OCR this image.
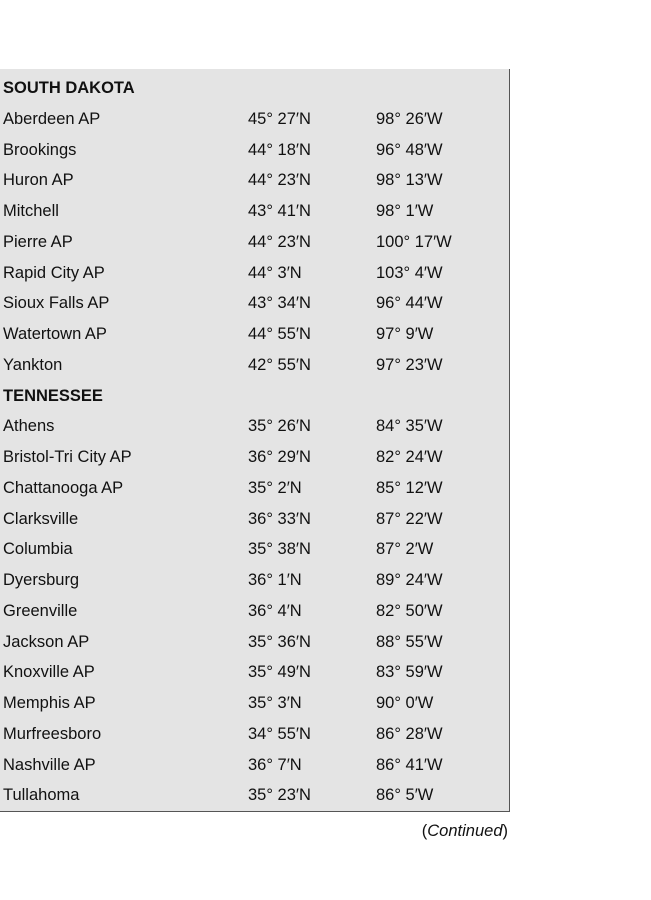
SOUTH DAKOTA
Aberdeen AP	45° 27′N	98° 26′W
Brookings	44° 18′N	96° 48′W
Huron AP	44° 23′N	98° 13′W
Mitchell	43° 41′N	98° 1′W
Pierre AP	44° 23′N	100° 17′W
Rapid City AP	44° 3′N	103° 4′W
Sioux Falls AP	43° 34′N	96° 44′W
Watertown AP	44° 55′N	97° 9′W
Yankton	42° 55′N	97° 23′W
TENNESSEE
Athens	35° 26′N	84° 35′W
Bristol-Tri City AP	36° 29′N	82° 24′W
Chattanooga AP	35° 2′N	85° 12′W
Clarksville	36° 33′N	87° 22′W
Columbia	35° 38′N	87° 2′W
Dyersburg	36° 1′N	89° 24′W
Greenville	36° 4′N	82° 50′W
Jackson AP	35° 36′N	88° 55′W
Knoxville AP	35° 49′N	83° 59′W
Memphis AP	35° 3′N	90° 0′W
Murfreesboro	34° 55′N	86° 28′W
Nashville AP	36° 7′N	86° 41′W
Tullahoma	35° 23′N	86° 5′W
(Continued)
